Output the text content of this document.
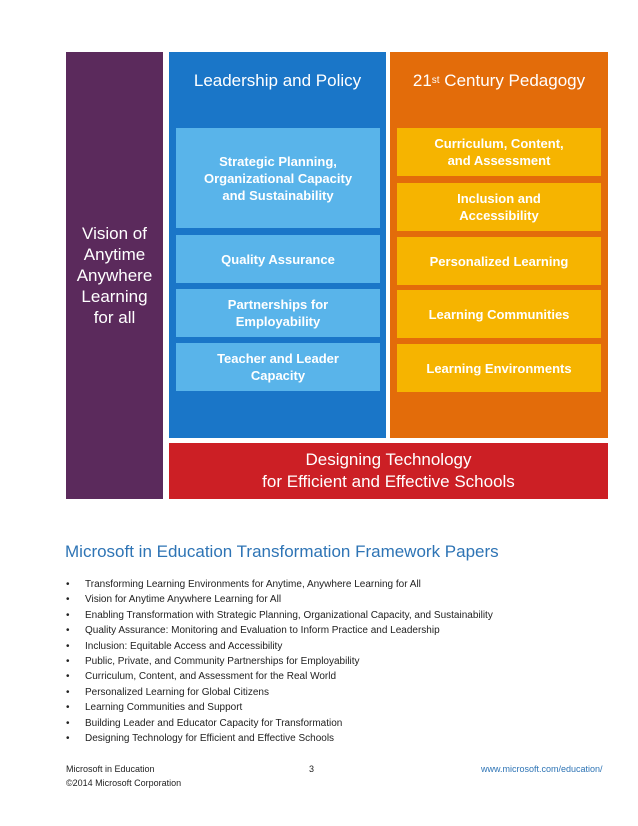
Vision of
Anytime
Anywhere
Learning
for all
Leadership and Policy
Strategic Planning,
Organizational Capacity
and Sustainability
Quality Assurance
Partnerships for
Employability
Teacher and Leader
Capacity
21 st Century Pedagogy
Curriculum, Content,
and Assessment
Inclusion and
Accessibility
Personalized Learning
Learning Communities
Learning Environments
Designing Technology
for Efficient and Effective Schools
Microsoft in Education Transformation Framework Papers
• Transforming Learning Environments for Anytime, Anywhere Learning for All
• Vision for Anytime Anywhere Learning for All
• Enabling Transformation with Strategic Planning, Organizational Capacity, and Sustainability
• Quality Assurance: Monitoring and Evaluation to Inform Practice and Leadership
• Inclusion: Equitable Access and Accessibility
• Public, Private, and Community Partnerships for Employability
• Curriculum, Content, and Assessment for the Real World
• Personalized Learning for Global Citizens
• Learning Communities and Support
• Building Leader and Educator Capacity for Transformation
• Designing Technology for Efficient and Effective Schools
Microsoft in Education	3	www.microsoft.com/education/
©2014 Microsoft Corporation
